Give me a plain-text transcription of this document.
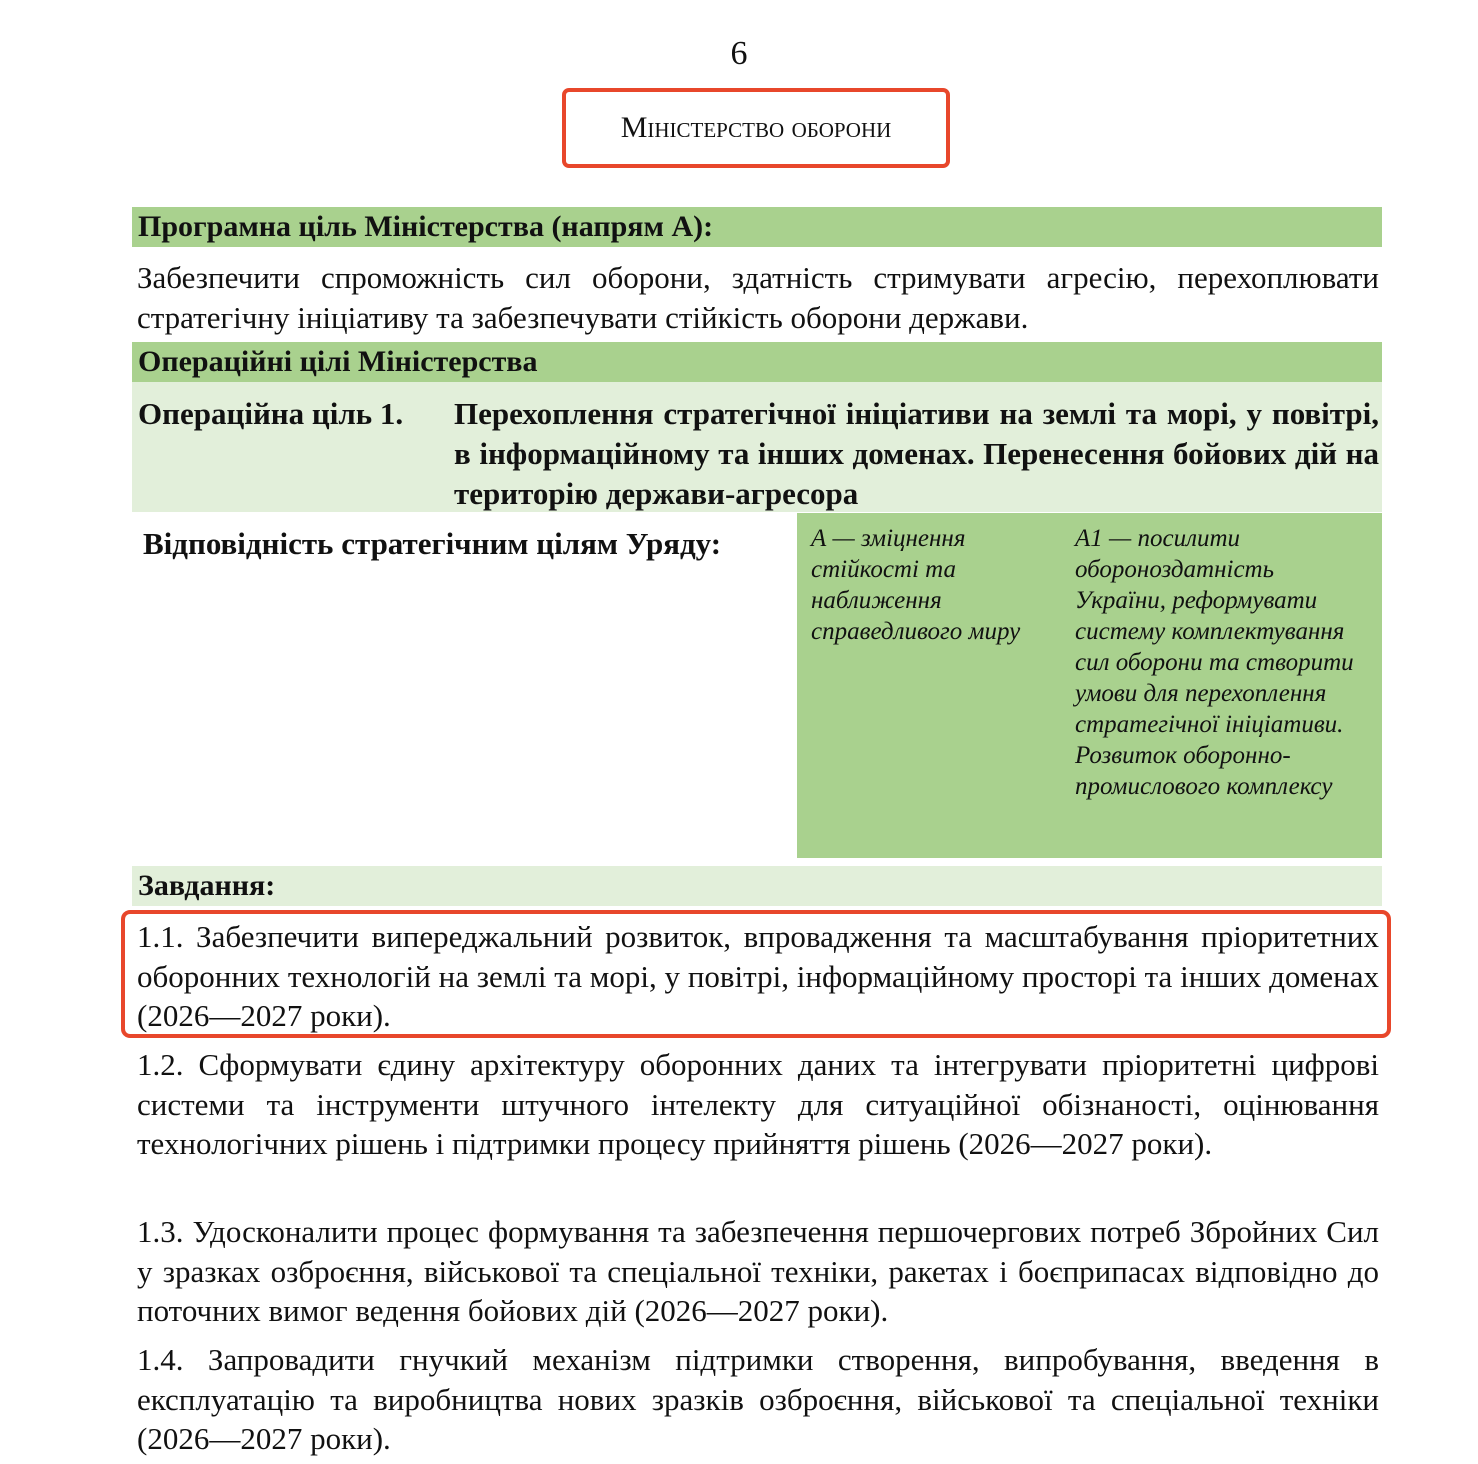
6
Міністерство оборони
Програмна ціль Міністерства (напрям А):
Забезпечити спроможність сил оборони, здатність стримувати агресію, перехоплювати стратегічну ініціативу та забезпечувати стійкість оборони держави.
Операційні цілі Міністерства
Операційна ціль 1. Перехоплення стратегічної ініціативи на землі та морі, у повітрі, в інформаційному та інших доменах. Перенесення бойових дій на територію держави-агресора
Відповідність стратегічним цілям Уряду:	А — зміцнення стійкості та наближення справедливого миру
А1 — посилити обороноздатність України, реформувати систему комплектування сил оборони та створити умови для перехоплення стратегічної ініціативи. Розвиток оборонно-промислового комплексу
Завдання:
1.1. Забезпечити випереджальний розвиток, впровадження та масштабування пріоритетних оборонних технологій на землі та морі, у повітрі, інформаційному просторі та інших доменах (2026—2027 роки).
1.2. Сформувати єдину архітектуру оборонних даних та інтегрувати пріоритетні цифрові системи та інструменти штучного інтелекту для ситуаційної обізнаності, оцінювання технологічних рішень і підтримки процесу прийняття рішень (2026—2027 роки).
1.3. Удосконалити процес формування та забезпечення першочергових потреб Збройних Сил у зразках озброєння, військової та спеціальної техніки, ракетах і боєприпасах відповідно до поточних вимог ведення бойових дій (2026—2027 роки).
1.4. Запровадити гнучкий механізм підтримки створення, випробування, введення в експлуатацію та виробництва нових зразків озброєння, військової та спеціальної техніки (2026—2027 роки).
